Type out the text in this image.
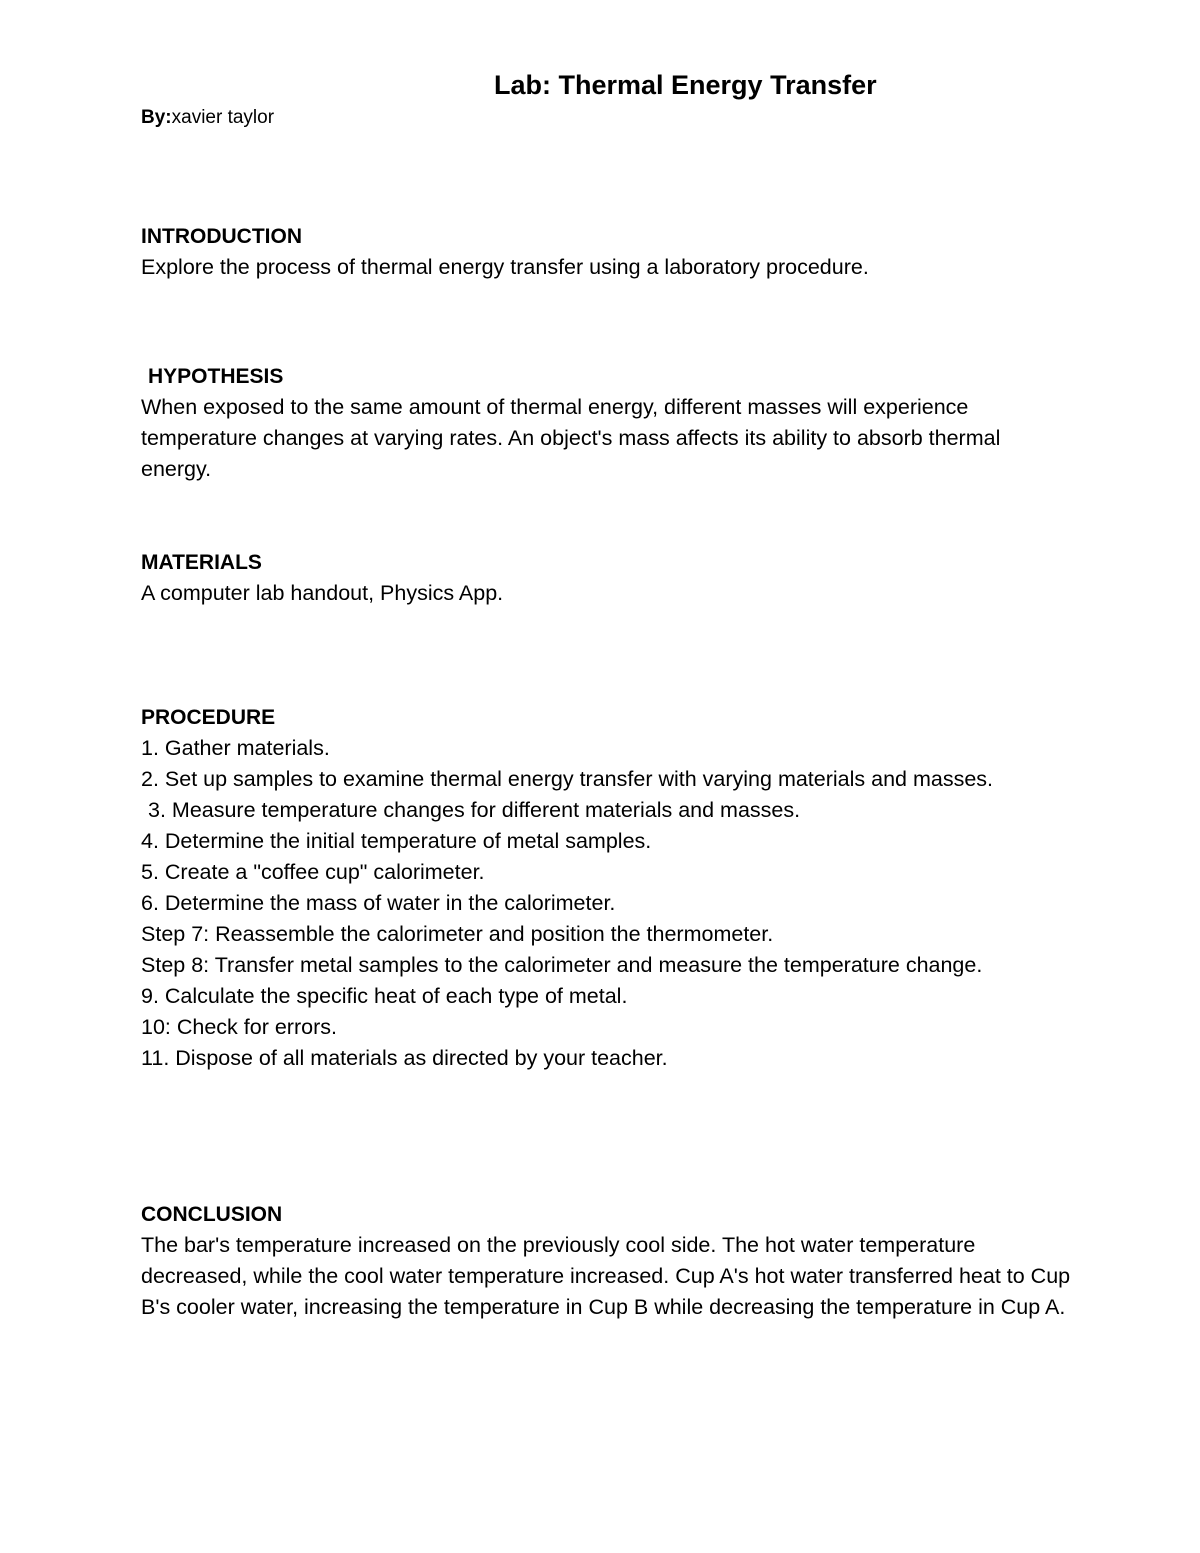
Lab: Thermal Energy Transfer
By:xavier taylor
INTRODUCTION

Explore the process of thermal energy transfer using a laboratory procedure.

HYPOTHESIS

When exposed to the same amount of thermal energy, different masses will experience temperature changes at varying rates. An object's mass affects its ability to absorb thermal energy.

MATERIALS

A computer lab handout, Physics App.

PROCEDURE
1. Gather materials.
2. Set up samples to examine thermal energy transfer with varying materials and masses.
3. Measure temperature changes for different materials and masses.
4. Determine the initial temperature of metal samples.
5. Create a "coffee cup" calorimeter.
6. Determine the mass of water in the calorimeter.
Step 7: Reassemble the calorimeter and position the thermometer.
Step 8: Transfer metal samples to the calorimeter and measure the temperature change.
9. Calculate the specific heat of each type of metal.
10: Check for errors.
11. Dispose of all materials as directed by your teacher.
CONCLUSION

The bar's temperature increased on the previously cool side. The hot water temperature decreased, while the cool water temperature increased. Cup A's hot water transferred heat to Cup B's cooler water, increasing the temperature in Cup B while decreasing the temperature in Cup A.
